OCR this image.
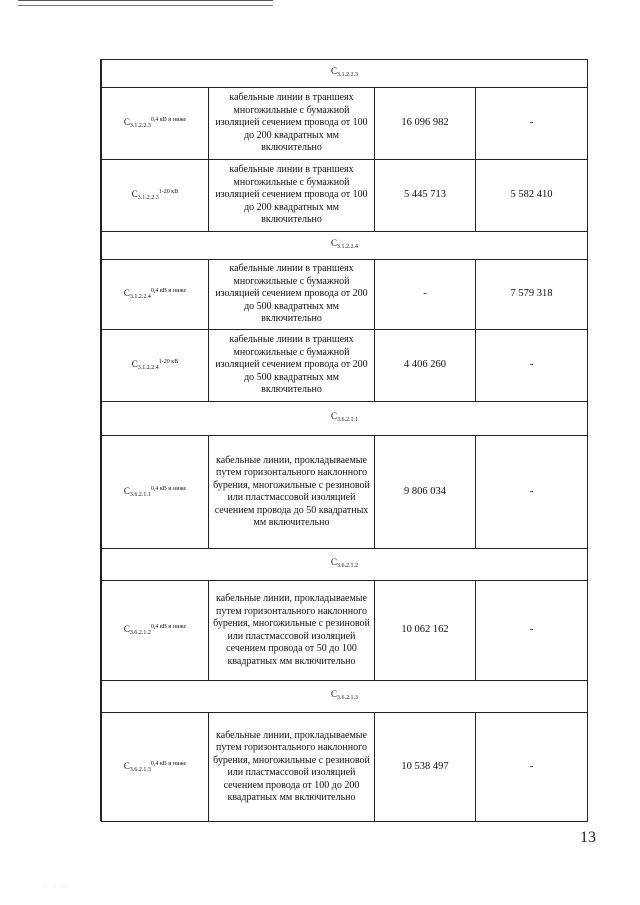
$C_{3.1.2.2.3}$
$C_{3.1.2.2.3}^{0,4 кВ и ниже}$	кабельные линии в траншеях многожильные с бумажной изоляцией сечением провода от 100 до 200 квадратных мм включительно	16 096 982	-
$C_{3.1.2.2.3}^{1-20 кВ}$	кабельные линии в траншеях многожильные с бумажной изоляцией сечением провода от 100 до 200 квадратных мм включительно	5 445 713	5 582 410
$C_{3.1.2.2.4}$
$C_{3.1.2.2.4}^{0,4 кВ и ниже}$	кабельные линии в траншеях многожильные с бумажной изоляцией сечением провода от 200 до 500 квадратных мм включительно	-	7 579 318
$C_{3.1.2.2.4}^{1-20 кВ}$	кабельные линии в траншеях многожильные с бумажной изоляцией сечением провода от 200 до 500 квадратных мм включительно	4 406 260	-
$C_{3.6.2.1.1}$
$C_{3.6.2.1.1}^{0,4 кВ и ниже}$	кабельные линии, прокладываемые путем горизонтального наклонного бурения, многожильные с резиновой или пластмассовой изоляцией сечением провода до 50 квадратных мм включительно	9 806 034	-
$C_{3.6.2.1.2}$
$C_{3.6.2.1.2}^{0,4 кВ и ниже}$	кабельные линии, прокладываемые путем горизонтального наклонного бурения, многожильные с резиновой или пластмассовой изоляцией сечением провода от 50 до 100 квадратных мм включительно	10 062 162	-
$C_{3.6.2.1.3}$
$C_{3.6.2.1.3}^{0,4 кВ и ниже}$	кабельные линии, прокладываемые путем горизонтального наклонного бурения, многожильные с резиновой или пластмассовой изоляцией сечением провода от 100 до 200 квадратных мм включительно	10 538 497	-
13
· · ·
